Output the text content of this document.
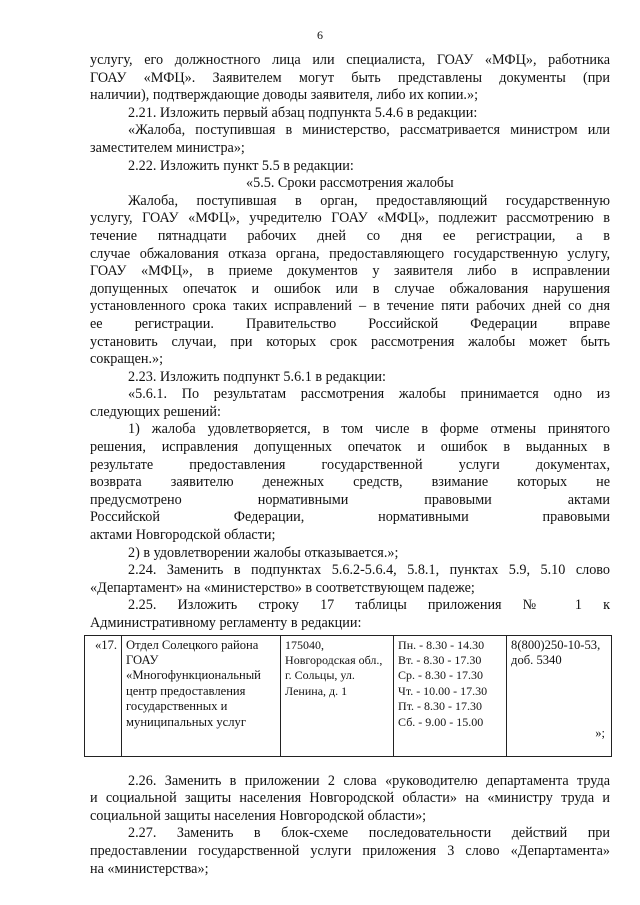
6

услугу, его должностного лица или специалиста, ГОАУ «МФЦ», работника

ГОАУ «МФЦ». Заявителем могут быть представлены документы (при

наличии), подтверждающие доводы заявителя, либо их копии.»;

2.21. Изложить первый абзац подпункта 5.4.6 в редакции:

«Жалоба, поступившая в министерство, рассматривается министром или

заместителем министра»;

2.22. Изложить пункт 5.5 в редакции:

«5.5. Сроки рассмотрения жалобы

Жалоба, поступившая в орган, предоставляющий государственную

услугу, ГОАУ «МФЦ», учредителю ГОАУ «МФЦ», подлежит рассмотрению в

течение пятнадцати рабочих дней со дня ее регистрации, а в

случае обжалования отказа органа, предоставляющего государственную услугу,

ГОАУ «МФЦ», в приеме документов у заявителя либо в исправлении

допущенных опечаток и ошибок или в случае обжалования нарушения

установленного срока таких исправлений – в течение пяти рабочих дней со дня

ее регистрации. Правительство Российской Федерации вправе

установить случаи, при которых срок рассмотрения жалобы может быть

сокращен.»;

2.23. Изложить подпункт 5.6.1 в редакции:

«5.6.1. По результатам рассмотрения жалобы принимается одно из

следующих решений:

1) жалоба удовлетворяется, в том числе в форме отмены принятого

решения, исправления допущенных опечаток и ошибок в выданных в

результате предоставления государственной услуги документах,

возврата заявителю денежных средств, взимание которых не

предусмотрено нормативными правовыми актами

Российской Федерации, нормативными правовыми

актами Новгородской области;

2) в удовлетворении жалобы отказывается.»;

2.24. Заменить в подпунктах 5.6.2-5.6.4, 5.8.1, пунктах 5.9, 5.10 слово

«Департамент» на «министерство» в соответствующем падеже;

2.25. Изложить строку 17 таблицы приложения № 1 к

Административному регламенту в редакции:

«17.	Отдел Солецкого района
ГОАУ
«Многофункциональный
центр предоставления
государственных и
муниципальных услуг

175040,
Новгородская обл.,
г. Сольцы, ул.
Ленина, д. 1

Пн. - 8.30 - 14.30
Вт. - 8.30 - 17.30
Ср. - 8.30 - 17.30
Чт. - 10.00 - 17.30
Пт. - 8.30 - 17.30
Сб. - 9.00 - 15.00

8(800)250-10-53,
доб. 5340
»;

2.26. Заменить в приложении 2 слова «руководителю департамента труда

и социальной защиты населения Новгородской области» на «министру труда и

социальной защиты населения Новгородской области»;

2.27. Заменить в блок-схеме последовательности действий при

предоставлении государственной услуги приложения 3 слово «Департамента»

на «министерства»;
